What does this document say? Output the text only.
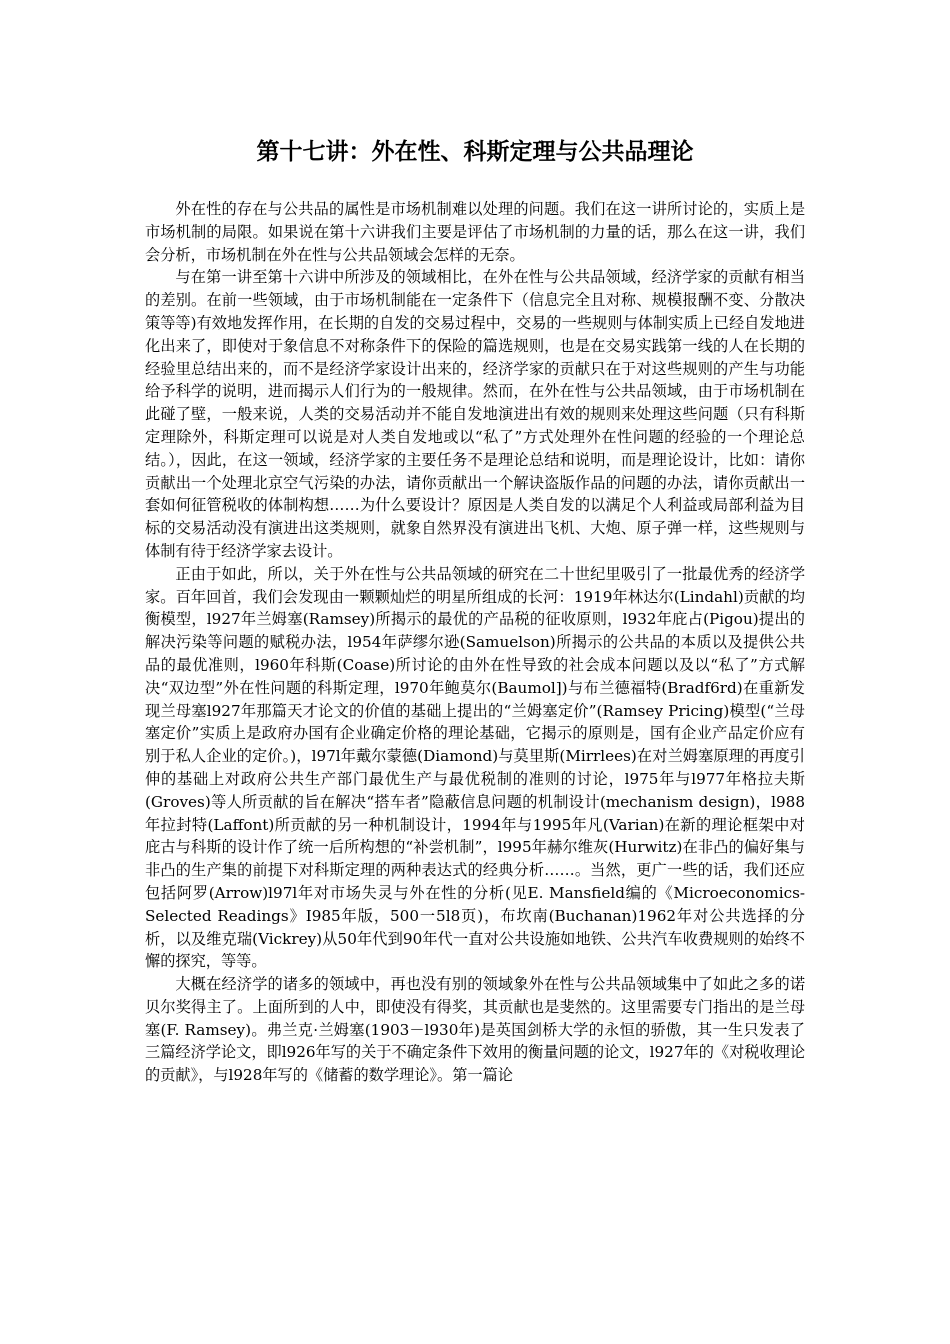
第十七讲：外在性、科斯定理与公共品理论

外在性的存在与公共品的属性是市场机制难以处理的问题。我们在这一讲所讨论的，实质上是市场机制的局限。如果说在第十六讲我们主要是评估了市场机制的力量的话，那么在这一讲，我们会分析，市场机制在外在性与公共品领域会怎样的无奈。

与在第一讲至第十六讲中所涉及的领域相比，在外在性与公共品领域，经济学家的贡献有相当的差别。在前一些领域，由于市场机制能在一定条件下（信息完全且对称、规模报酬不变、分散决策等等)有效地发挥作用，在长期的自发的交易过程中，交易的一些规则与体制实质上已经自发地进化出来了，即使对于象信息不对称条件下的保险的篇选规则，也是在交易实践第一线的人在长期的经验里总结出来的，而不是经济学家设计出来的，经济学家的贡献只在于对这些规则的产生与功能给予科学的说明，进而揭示人们行为的一般规律。然而，在外在性与公共品领域，由于市场机制在此碰了壁，一般来说，人类的交易活动并不能自发地演进出有效的规则来处理这些问题（只有科斯定理除外，科斯定理可以说是对人类自发地或以“私了”方式处理外在性问题的经验的一个理论总结。），因此，在这一领域，经济学家的主要任务不是理论总结和说明，而是理论设计，比如：请你贡献出一个处理北京空气污染的办法，请你贡献出一个解诀盗版作品的问题的办法，请你贡献出一套如何征管税收的体制构想……为什么要设计？原因是人类自发的以满足个人利益或局部利益为目标的交易活动没有演进出这类规则，就象自然界没有演进出飞机、大炮、原子弹一样，这些规则与体制有待于经济学家去设计。

正由于如此，所以，关于外在性与公共品领域的研究在二十世纪里吸引了一批最优秀的经济学家。百年回首，我们会发现由一颗颗灿烂的明星所组成的长河：1919年林达尔(Lindahl)贡献的均衡模型，l927年兰姆塞(Ramsey)所揭示的最优的产品税的征收原则，l932年庇占(Pigou)提出的解决污染等问题的赋税办法，l954年萨缪尔逊(Samuelson)所揭示的公共品的本质以及提供公共品的最优准则，l960年科斯(Coase)所讨论的由外在性导致的社会成本问题以及以“私了”方式解决“双边型”外在性问题的科斯定理，l970年鲍莫尔(Baumol])与布兰德福特(Bradf6rd)在重新发现兰母塞l927年那篇天才论文的价值的基础上提出的“兰姆塞定价”(Ramsey Pricing)模型(“兰母塞定价”实质上是政府办国有企业确定价格的理论基础，它揭示的原则是，国有企业产品定价应有别于私人企业的定价。)，l97l年戴尔蒙德(Diamond)与莫里斯(Mirrlees)在对兰姆塞原理的再度引伸的基础上对政府公共生产部门最优生产与最优税制的准则的讨论，l975年与l977年格拉夫斯(Groves)等人所贡献的旨在解决“搭车者”隐蔽信息问题的机制设计(mechanism design)，l988年拉封特(Laffont)所贡献的另一种机制设计，1994年与1995年凡(Varian)在新的理论框架中对庇古与科斯的设计作了统一后所构想的“补尝机制”，l995年赫尔维灰(Hurwitz)在非凸的偏好集与非凸的生产集的前提下对科斯定理的两种表达式的经典分析……。当然，更广一些的话，我们还应包括阿罗(Arrow)l97l年对市场失灵与外在性的分析(见E. Mansfield编的《Microeconomics-Selected Readings》I985年版，500一5l8页)，布坎南(Buchanan)1962年对公共选择的分析，以及维克瑞(Vickrey)从50年代到90年代一直对公共设施如地铁、公共汽车收费规则的始终不懈的探究，等等。

大概在经济学的诸多的领域中，再也没有别的领域象外在性与公共品领域集中了如此之多的诺贝尔奖得主了。上面所到的人中，即使没有得奖，其贡献也是斐然的。这里需要专门指出的是兰母塞(F. Ramsey)。弗兰克·兰姆塞(1903－l930年)是英国剑桥大学的永恒的骄傲，其一生只发表了三篇经济学论文，即l926年写的关于不确定条件下效用的衡量问题的论文，l927年的《对税收理论的贡献》，与l928年写的《储蓄的数学理论》。第一篇论
